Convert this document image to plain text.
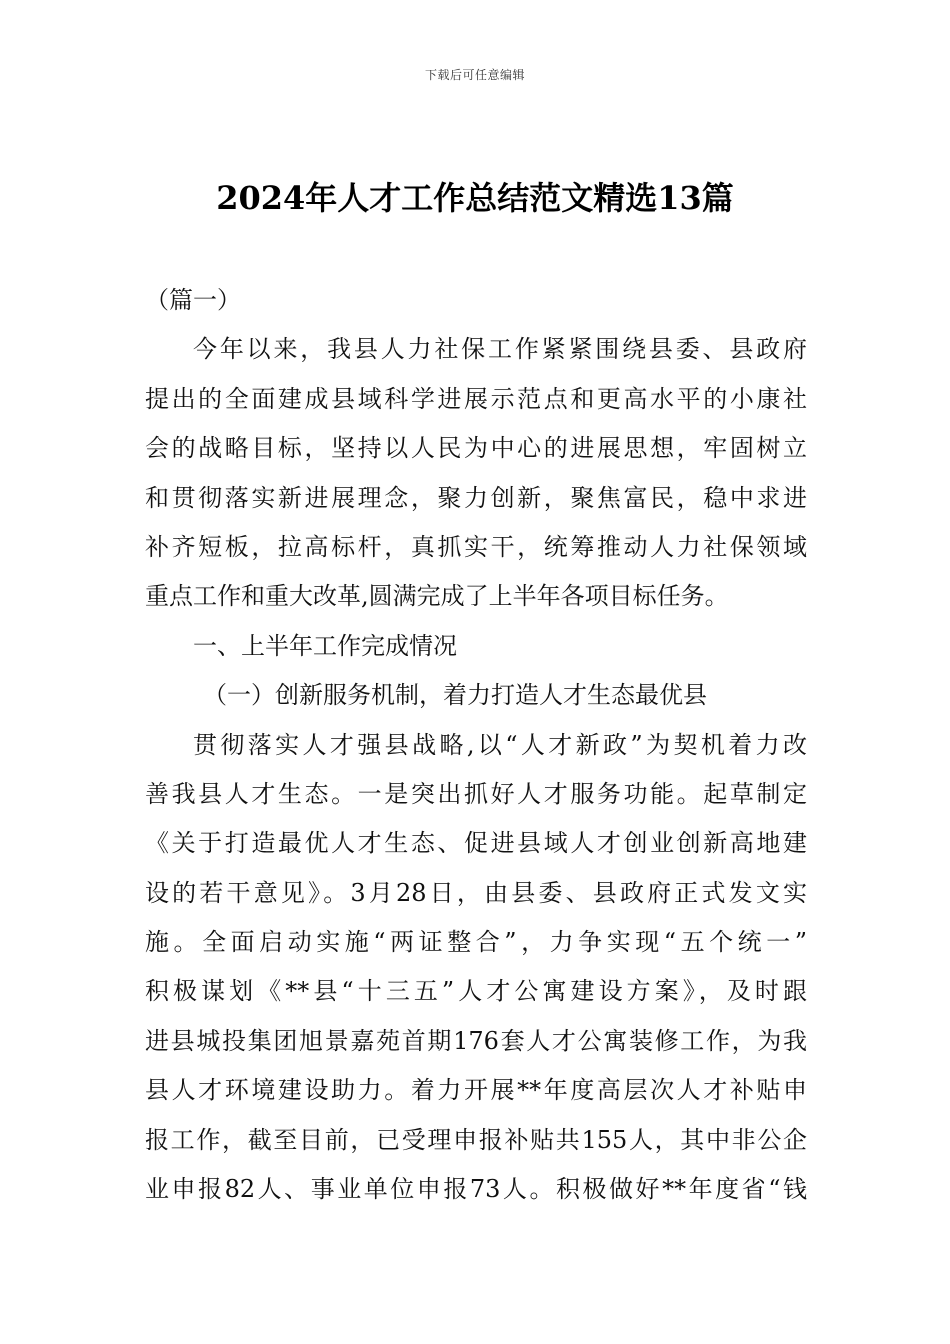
下载后可任意编辑
2024年人才工作总结范文精选13篇
（篇一）
今年以来，我县人力社保工作紧紧围绕县委、县政府
提出的全面建成县域科学进展示范点和更高水平的小康社
会的战略目标，坚持以人民为中心的进展思想，牢固树立
和贯彻落实新进展理念，聚力创新，聚焦富民，稳中求进
补齐短板，拉高标杆，真抓实干，统筹推动人力社保领域
重点工作和重大改革,圆满完成了上半年各项目标任务。
一、上半年工作完成情况
（一）创新服务机制，着力打造人才生态最优县
贯彻落实人才强县战略,以“人才新政”为契机着力改
善我县人才生态。一是突出抓好人才服务功能。起草制定
《关于打造最优人才生态、促进县域人才创业创新高地建
设的若干意见》。3月28日，由县委、县政府正式发文实
施。全面启动实施“两证整合”，力争实现“五个统一”
积极谋划《**县“十三五”人才公寓建设方案》，及时跟
进县城投集团旭景嘉苑首期176套人才公寓装修工作，为我
县人才环境建设助力。着力开展**年度高层次人才补贴申
报工作，截至目前，已受理申报补贴共155人，其中非公企
业申报82人、事业单位申报73人。积极做好**年度省“钱
